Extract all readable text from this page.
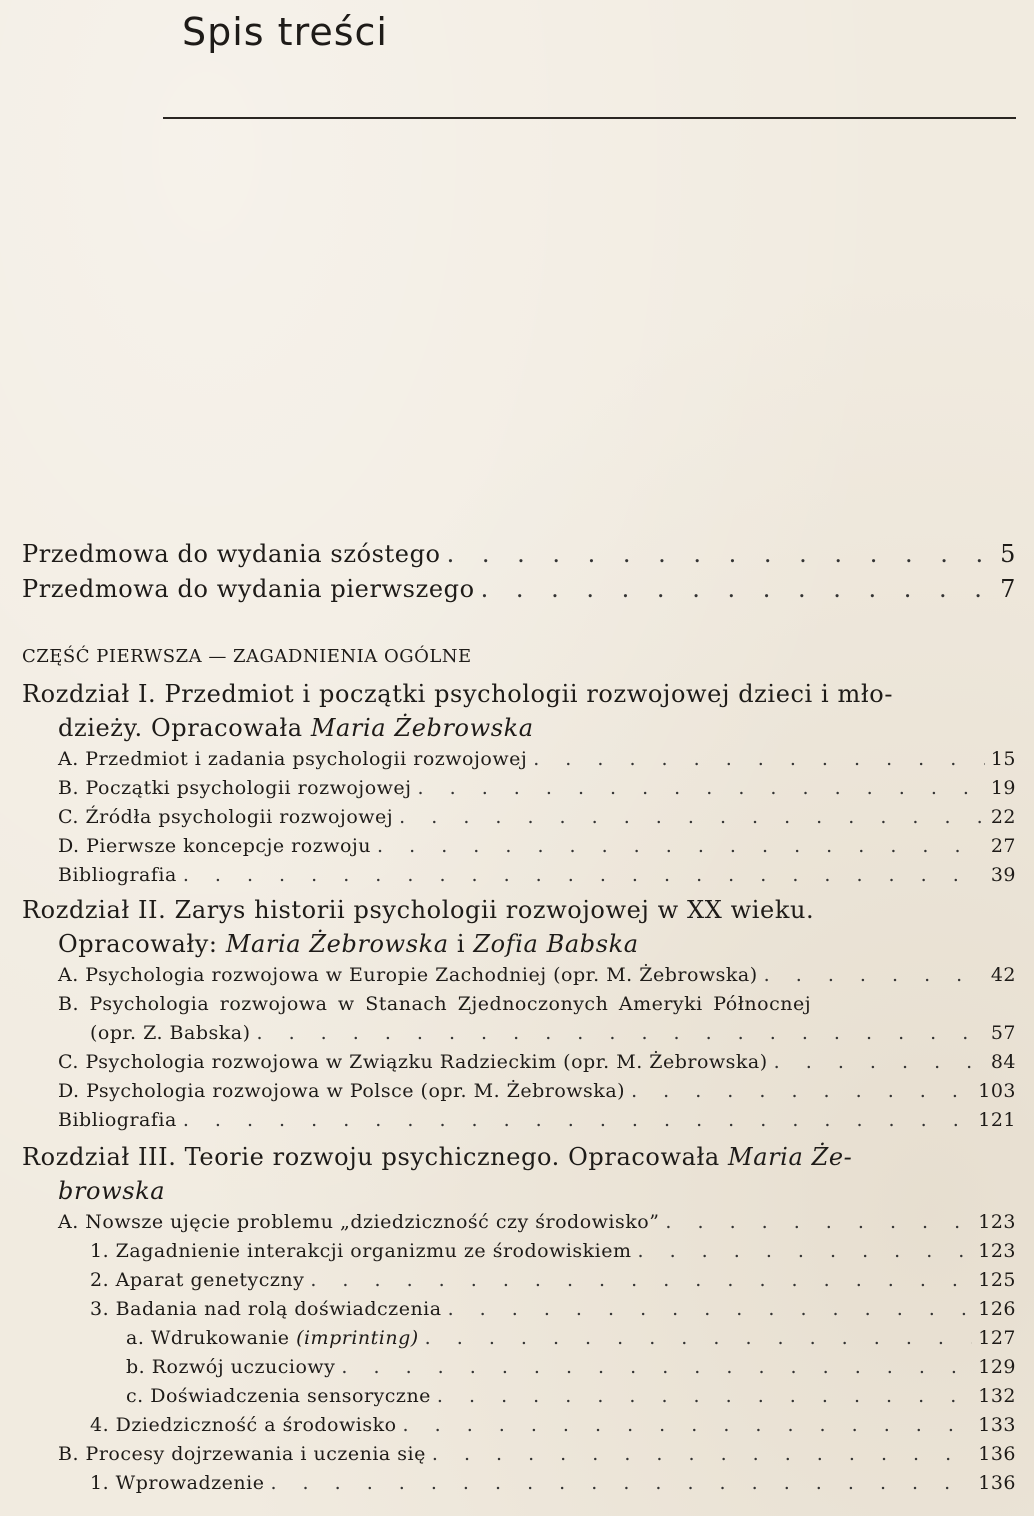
Spis treści
Przedmowa do wydania szóstego . . .	5
Przedmowa do wydania pierwszego . . .	7
CZĘŚĆ PIERWSZA — ZAGADNIENIA OGÓLNE
Rozdział I. Przedmiot i początki psychologii rozwojowej dzieci i mło-
dzieży. Opracowała Maria Żebrowska
A. Przedmiot i zadania psychologii rozwojowej . . .	15
B. Początki psychologii rozwojowej . . .	19
C. Źródła psychologii rozwojowej . . .	22
D. Pierwsze koncepcje rozwoju . . .	27
Bibliografia . . .	39
Rozdział II. Zarys historii psychologii rozwojowej w XX wieku.
Opracowały: Maria Żebrowska i Zofia Babska
A. Psychologia rozwojowa w Europie Zachodniej (opr. M. Żebrowska) . . .	42
B. Psychologia rozwojowa w Stanach Zjednoczonych Ameryki Północnej
(opr. Z. Babska) . . .	57
C. Psychologia rozwojowa w Związku Radzieckim (opr. M. Żebrowska) . . .	84
D. Psychologia rozwojowa w Polsce (opr. M. Żebrowska) . . .	103
Bibliografia . . .	121
Rozdział III. Teorie rozwoju psychicznego. Opracowała Maria Że-
browska
A. Nowsze ujęcie problemu „dziedziczność czy środowisko” . . .	123
1. Zagadnienie interakcji organizmu ze środowiskiem . . .	123
2. Aparat genetyczny . . .	125
3. Badania nad rolą doświadczenia . . .	126
a. Wdrukowanie (imprinting) . . .	127
b. Rozwój uczuciowy . . .	129
c. Doświadczenia sensoryczne . . .	132
4. Dziedziczność a środowisko . . .	133
B. Procesy dojrzewania i uczenia się . . .	136
1. Wprowadzenie . . .	136
